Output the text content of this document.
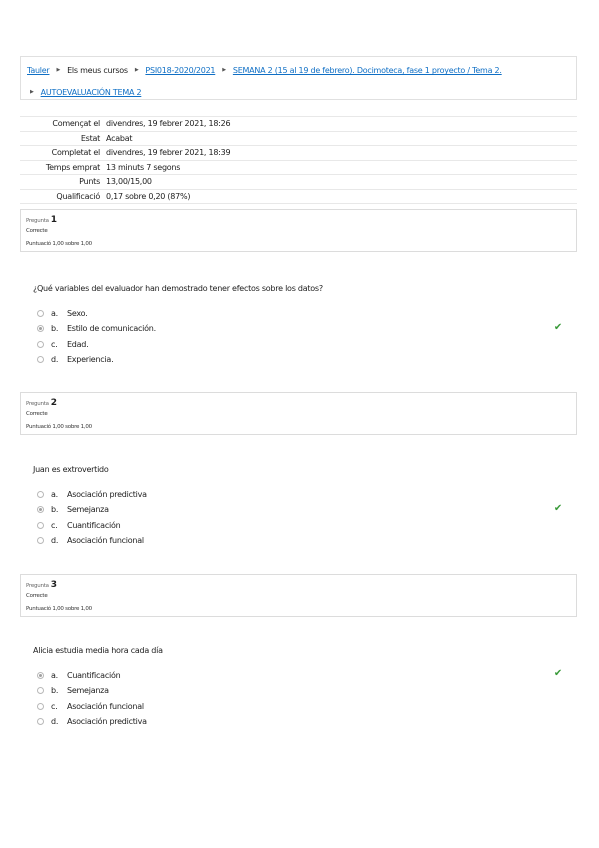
Tauler ▶ Els meus cursos ▶ PSI018-2020/2021 ▶ SEMANA 2 (15 al 19 de febrero). Docimoteca, fase 1 proyecto / Tema 2.
▶ AUTOEVALUACIÓN TEMA 2
Començat el	divendres, 19 febrer 2021, 18:26
Estat	Acabat
Completat el	divendres, 19 febrer 2021, 18:39
Temps emprat	13 minuts 7 segons
Punts	13,00/15,00
Qualificació	0,17 sobre 0,20 (87%)
Pregunta 1
Correcte
Puntuació 1,00 sobre 1,00
¿Qué variables del evaluador han demostrado tener efectos sobre los datos?
✔
a.	Sexo.
b.	Estilo de comunicación.
c.	Edad.
d.	Experiencia.
Pregunta 2
Correcte
Puntuació 1,00 sobre 1,00
Juan es extrovertido
✔
a.	Asociación predictiva
b.	Semejanza
c.	Cuantificación
d.	Asociación funcional
Pregunta 3
Correcte
Puntuació 1,00 sobre 1,00
Alicia estudia media hora cada día
✔
a.	Cuantificación
b.	Semejanza
c.	Asociación funcional
d.	Asociación predictiva
